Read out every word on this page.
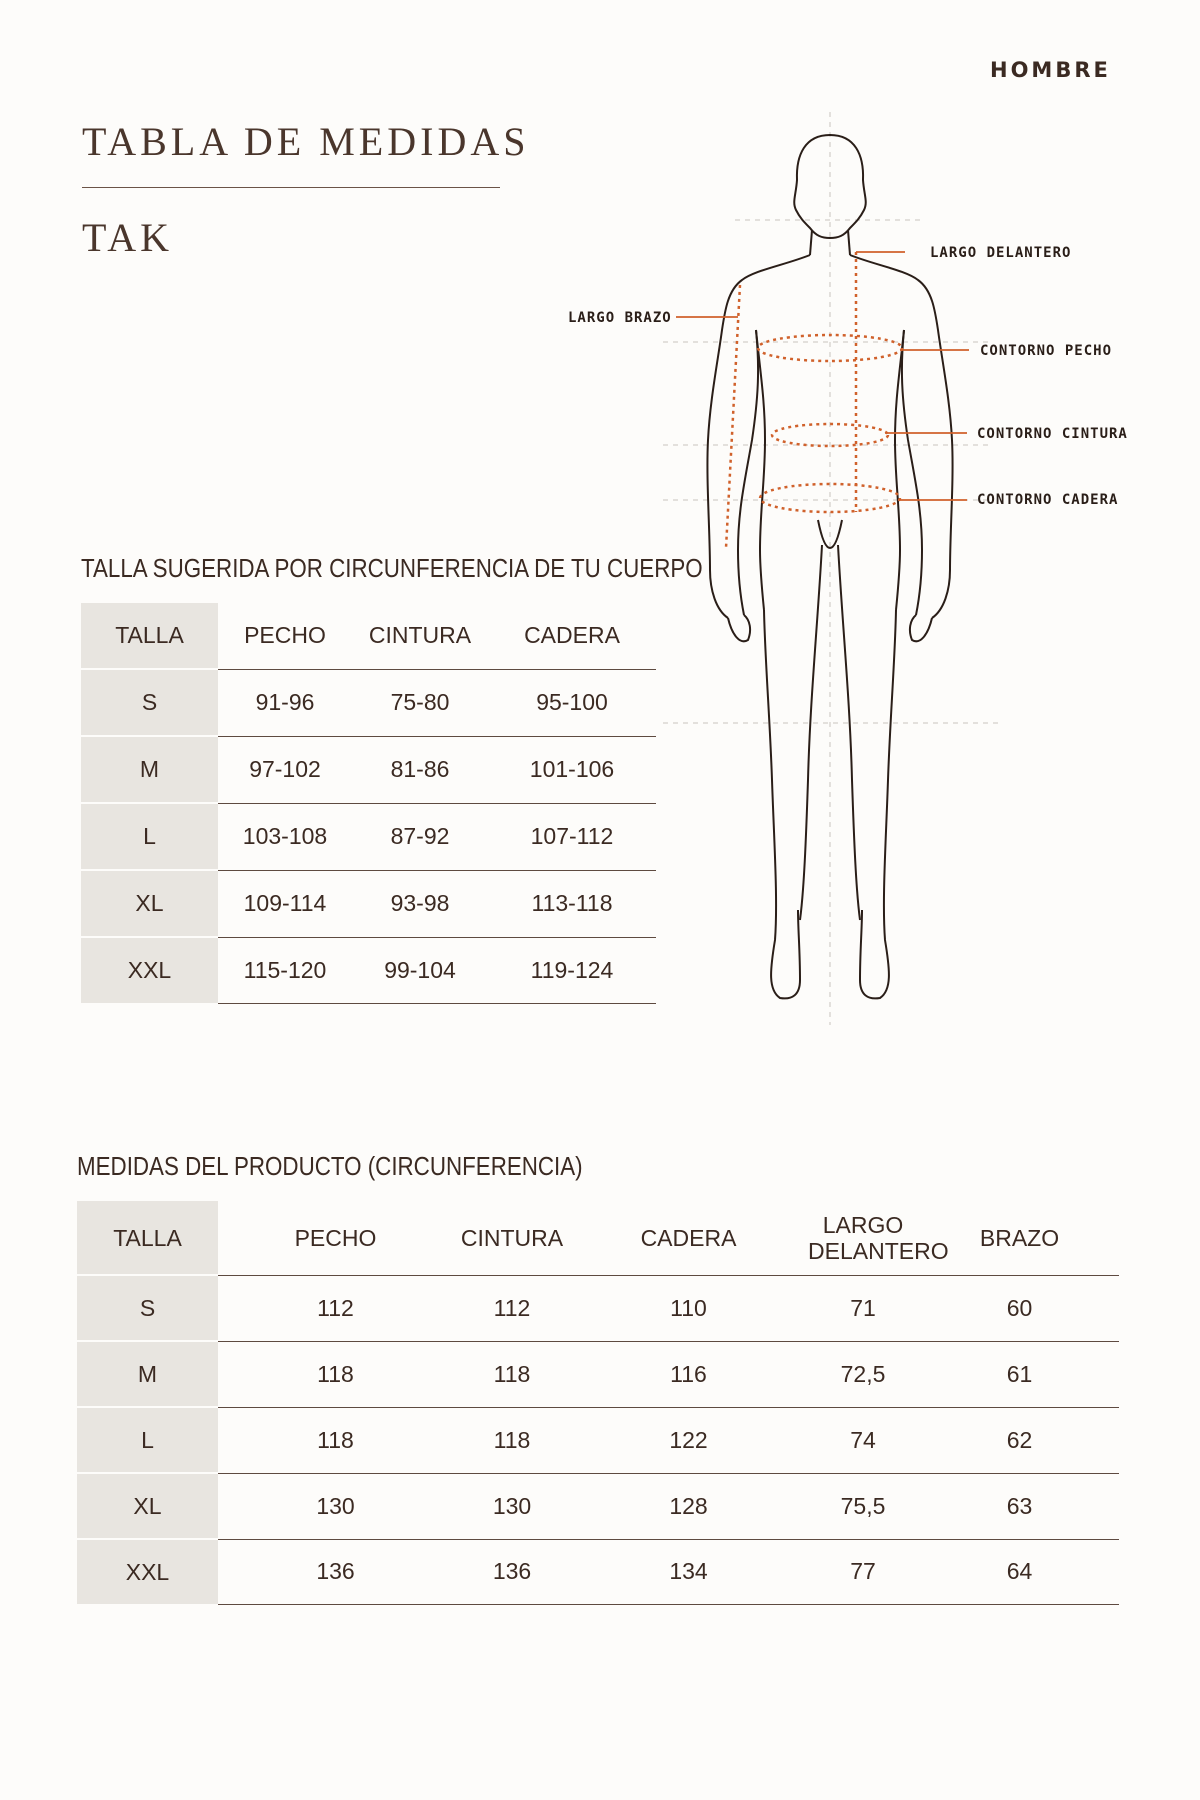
HOMBRE
TABLA DE MEDIDAS
TAK	LARGO DELANTERO
LARGO BRAZO
CONTORNO PECHO
CONTORNO CINTURA
CONTORNO CADERA
TALLA SUGERIDA POR CIRCUNFERENCIA DE TU CUERPO
TALLA	PECHO	CINTURA	CADERA
S	91-96	75-80	95-100
M	97-102	81-86	101-106
L	103-108	87-92	107-112
XL	109-114	93-98	113-118
XXL	115-120	99-104	119-124
MEDIDAS DEL PRODUCTO (CIRCUNFERENCIA)
TALLA	PECHO	CINTURA	CADERA	LARGO DELANTERO	BRAZO
S	112	112	110	71	60
M	118	118	116	72,5	61
L	118	118	122	74	62
XL	130	130	128	75,5	63
XXL	136	136	134	77	64
